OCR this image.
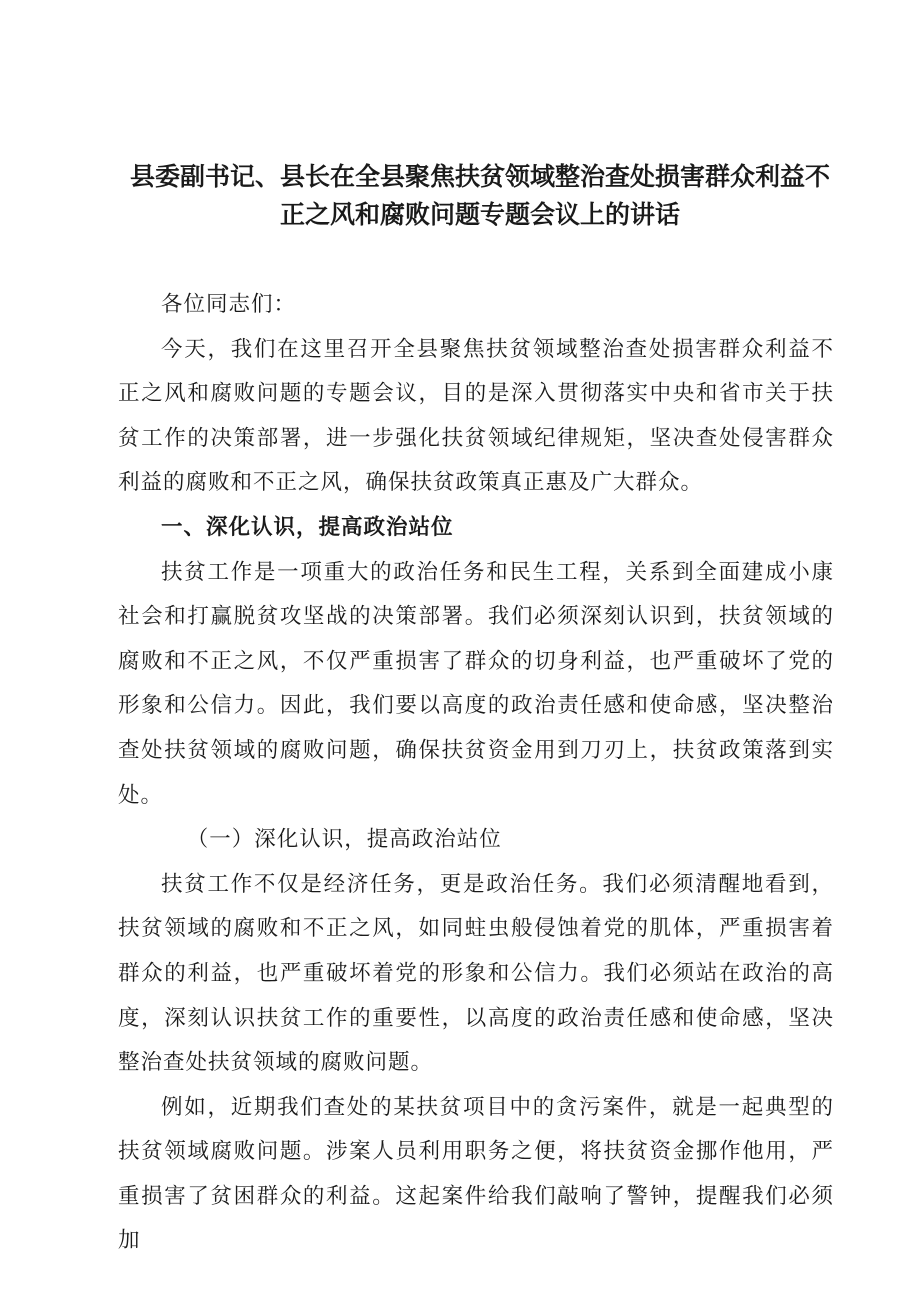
县委副书记、县长在全县聚焦扶贫领域整治查处损害群众利益不正之风和腐败问题专题会议上的讲话

各位同志们：

今天，我们在这里召开全县聚焦扶贫领域整治查处损害群众利益不正之风和腐败问题的专题会议，目的是深入贯彻落实中央和省市关于扶贫工作的决策部署，进一步强化扶贫领域纪律规矩，坚决查处侵害群众利益的腐败和不正之风，确保扶贫政策真正惠及广大群众。

一、深化认识，提高政治站位

扶贫工作是一项重大的政治任务和民生工程，关系到全面建成小康社会和打赢脱贫攻坚战的决策部署。我们必须深刻认识到，扶贫领域的腐败和不正之风，不仅严重损害了群众的切身利益，也严重破坏了党的形象和公信力。因此，我们要以高度的政治责任感和使命感，坚决整治查处扶贫领域的腐败问题，确保扶贫资金用到刀刃上，扶贫政策落到实处。

（一）深化认识，提高政治站位

扶贫工作不仅是经济任务，更是政治任务。我们必须清醒地看到，扶贫领域的腐败和不正之风，如同蛀虫般侵蚀着党的肌体，严重损害着群众的利益，也严重破坏着党的形象和公信力。我们必须站在政治的高度，深刻认识扶贫工作的重要性，以高度的政治责任感和使命感，坚决整治查处扶贫领域的腐败问题。

例如，近期我们查处的某扶贫项目中的贪污案件，就是一起典型的扶贫领域腐败问题。涉案人员利用职务之便，将扶贫资金挪作他用，严重损害了贫困群众的利益。这起案件给我们敲响了警钟，提醒我们必须加
